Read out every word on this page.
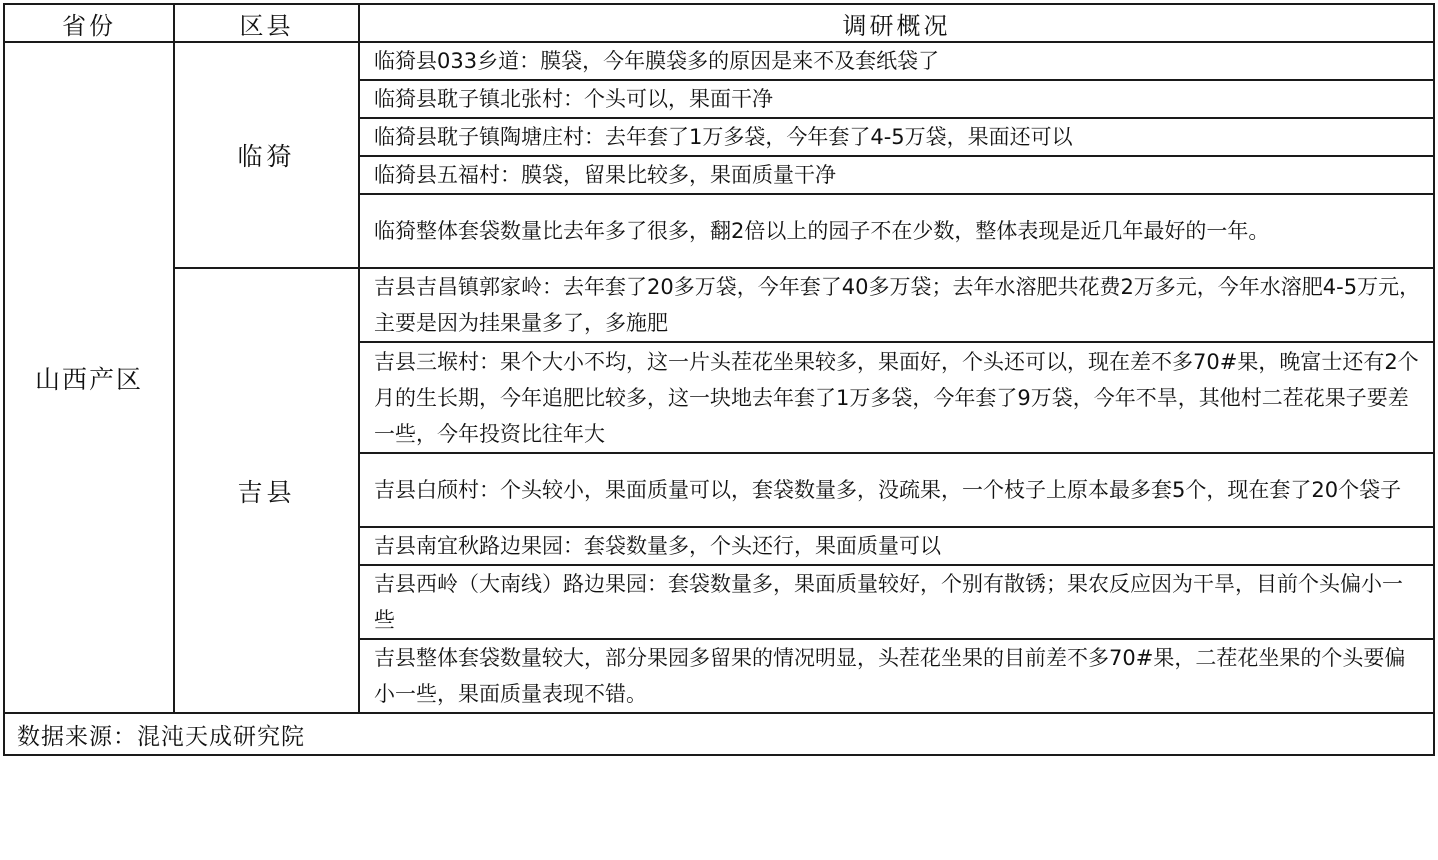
省份	区县	调研概况
山西产区	临猗	临猗县033乡道：膜袋，今年膜袋多的原因是来不及套纸袋了
		临猗县耽子镇北张村：个头可以，果面干净
		临猗县耽子镇陶塘庄村：去年套了1万多袋，今年套了4-5万袋，果面还可以
		临猗县五福村：膜袋，留果比较多，果面质量干净
		临猗整体套袋数量比去年多了很多，翻2倍以上的园子不在少数，整体表现是近几年最好的一年。
	吉县	吉县吉昌镇郭家岭：去年套了20多万袋，今年套了40多万袋；去年水溶肥共花费2万多元，今年水溶肥4-5万元，主要是因为挂果量多了，多施肥
		吉县三堠村：果个大小不均，这一片头茬花坐果较多，果面好，个头还可以，现在差不多70#果，晚富士还有2个月的生长期，今年追肥比较多，这一块地去年套了1万多袋，今年套了9万袋，今年不旱，其他村二茬花果子要差一些，今年投资比往年大
		吉县白颀村：个头较小，果面质量可以，套袋数量多，没疏果，一个枝子上原本最多套5个，现在套了20个袋子
		吉县南宜秋路边果园：套袋数量多，个头还行，果面质量可以
		吉县西岭（大南线）路边果园：套袋数量多，果面质量较好，个别有散锈；果农反应因为干旱，目前个头偏小一些
		吉县整体套袋数量较大，部分果园多留果的情况明显，头茬花坐果的目前差不多70#果，二茬花坐果的个头要偏小一些，果面质量表现不错。
数据来源：混沌天成研究院		
